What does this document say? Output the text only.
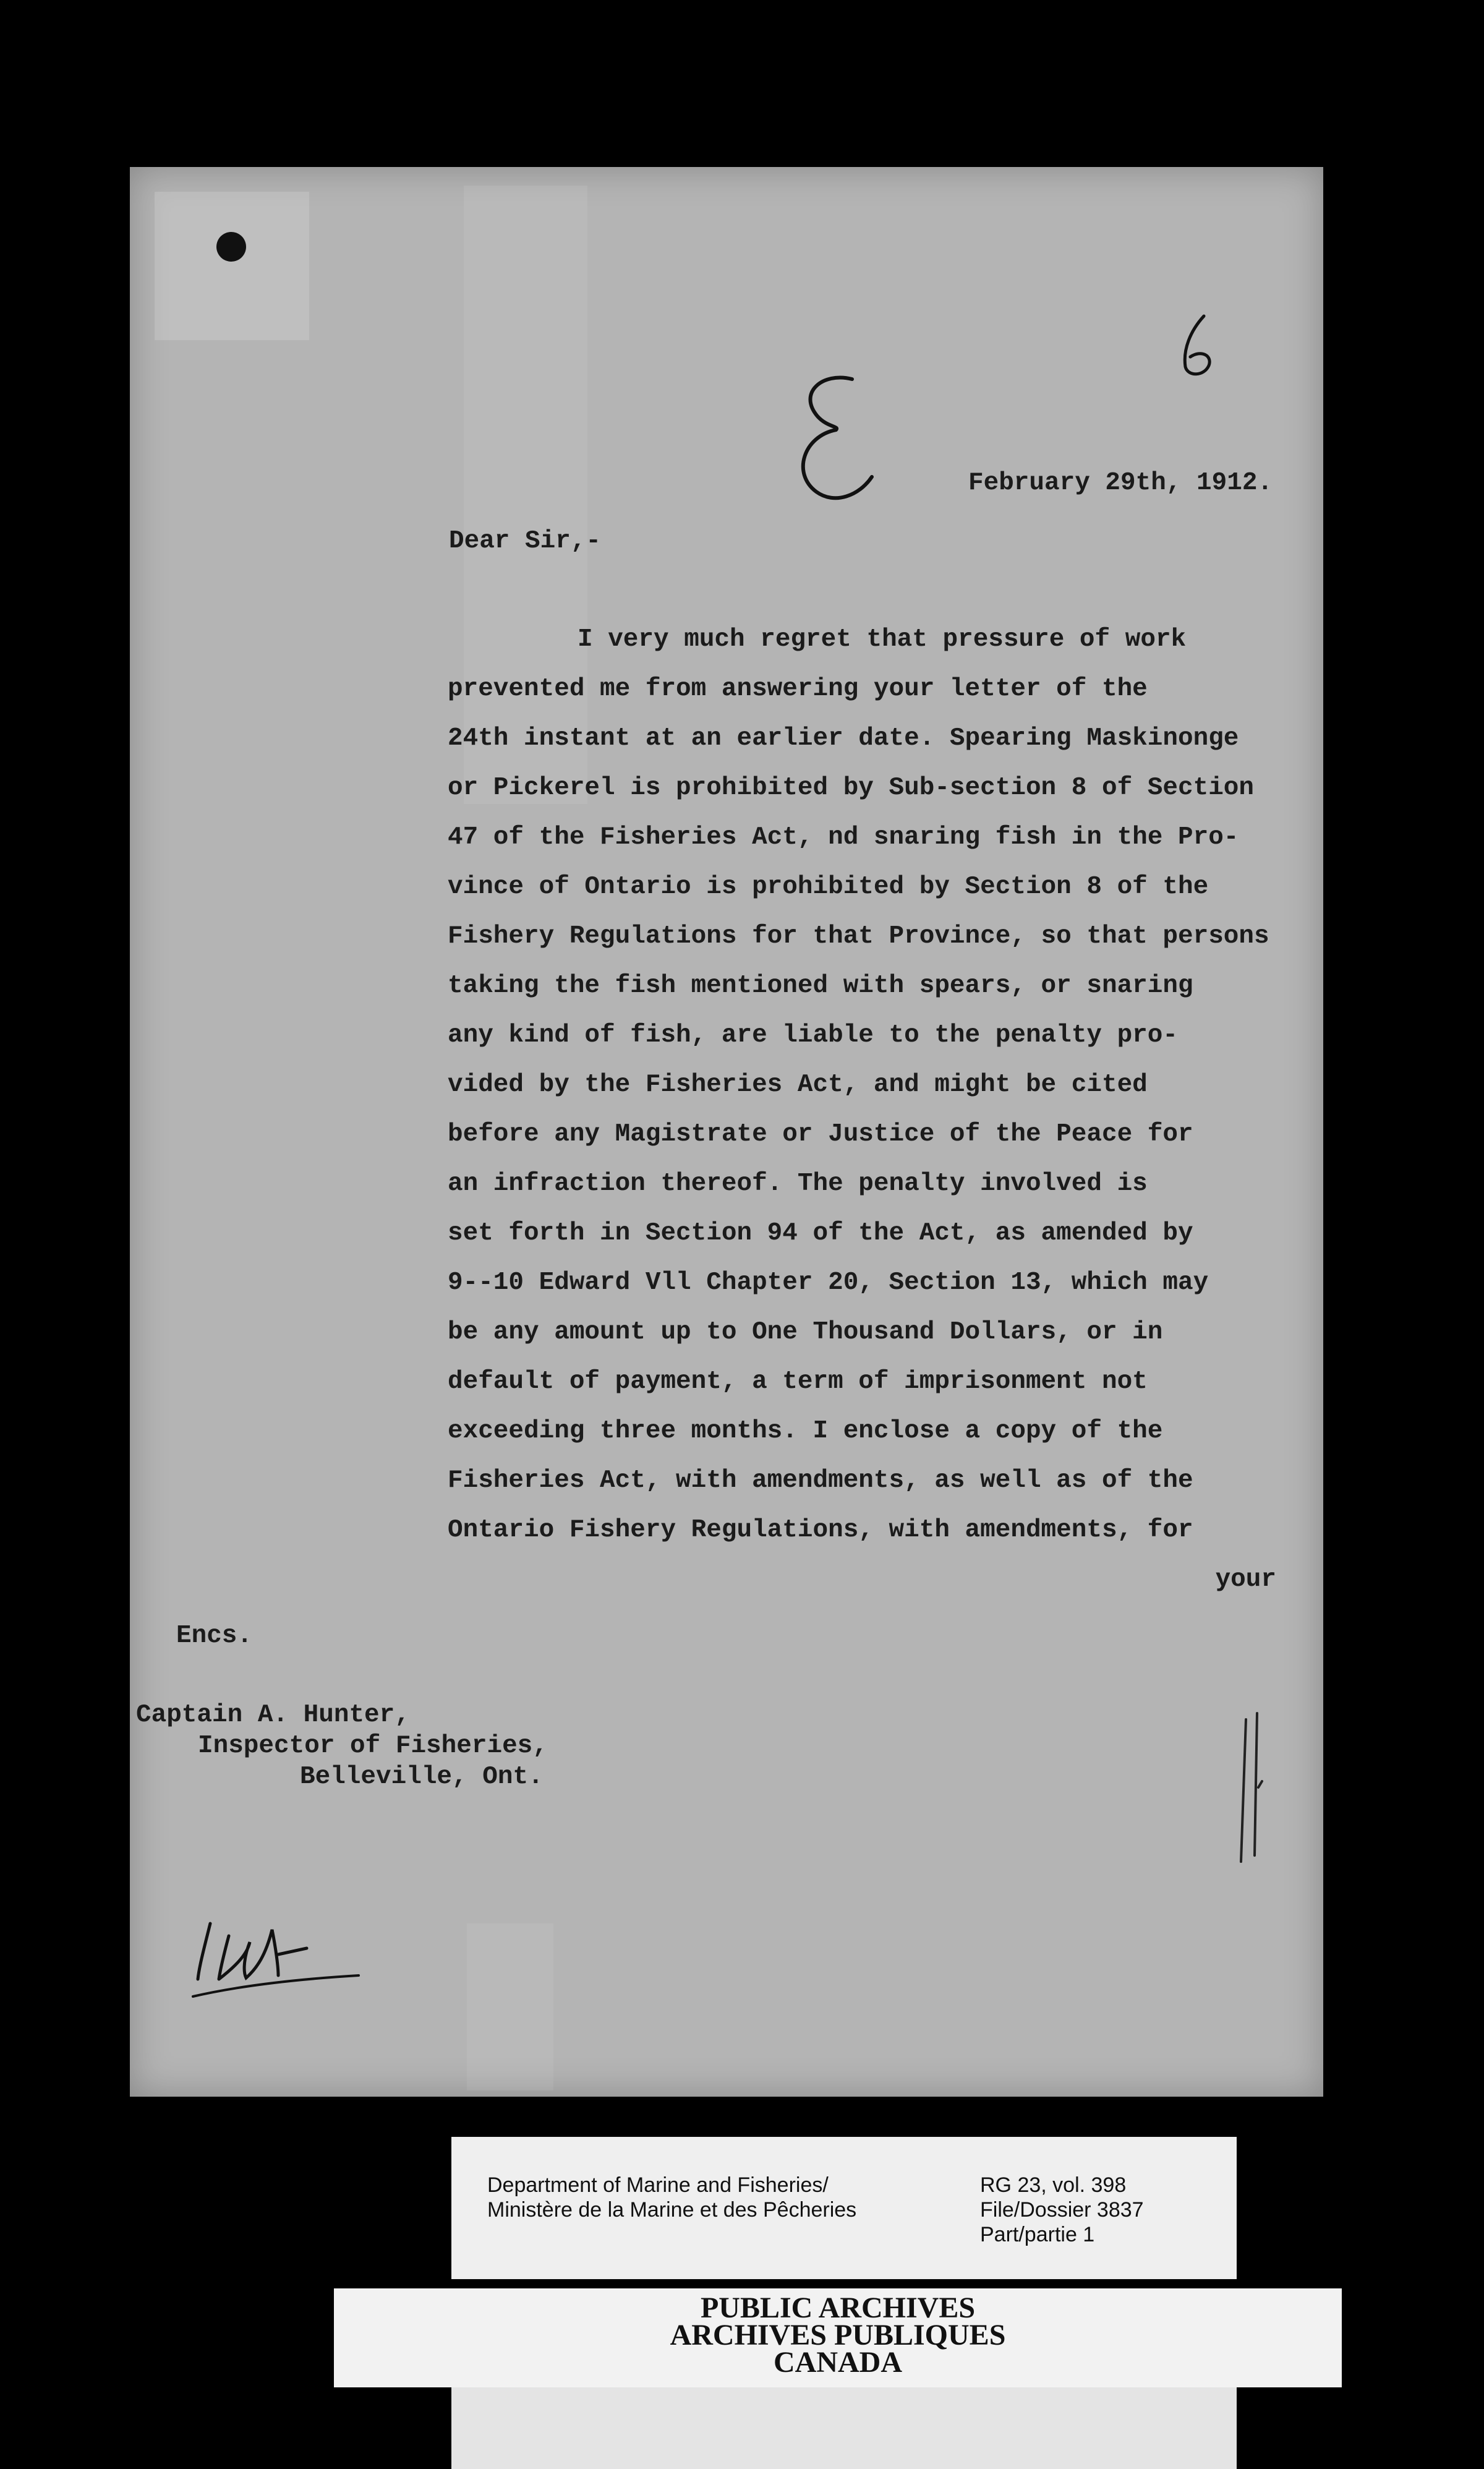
February 29th, 1912.

Dear Sir,-

I very much regret that pressure of work
prevented me from answering your letter of the
24th instant at an earlier date. Spearing Maskinonge
or Pickerel is prohibited by Sub-section 8 of Section
47 of the Fisheries Act, nd snaring fish in the Pro-
vince of Ontario is prohibited by Section 8 of the
Fishery Regulations for that Province, so that persons
taking the fish mentioned with spears, or snaring
any kind of fish, are liable to the penalty pro-
vided by the Fisheries Act, and might be cited
before any Magistrate or Justice of the Peace for
an infraction thereof. The penalty involved is
set forth in Section 94 of the Act, as amended by
9--10 Edward Vll Chapter 20, Section 13, which may
be any amount up to One Thousand Dollars, or in
default of payment, a term of imprisonment not
exceeding three months. I enclose a copy of the
Fisheries Act, with amendments, as well as of the
Ontario Fishery Regulations, with amendments, for
your

Encs.

Captain A. Hunter,
Inspector of Fisheries,
Belleville, Ont.
Department of Marine and Fisheries/
Ministère de la Marine et des Pêcheries
RG 23, vol. 398
File/Dossier 3837
Part/partie 1
PUBLIC ARCHIVES
ARCHIVES PUBLIQUES
CANADA
